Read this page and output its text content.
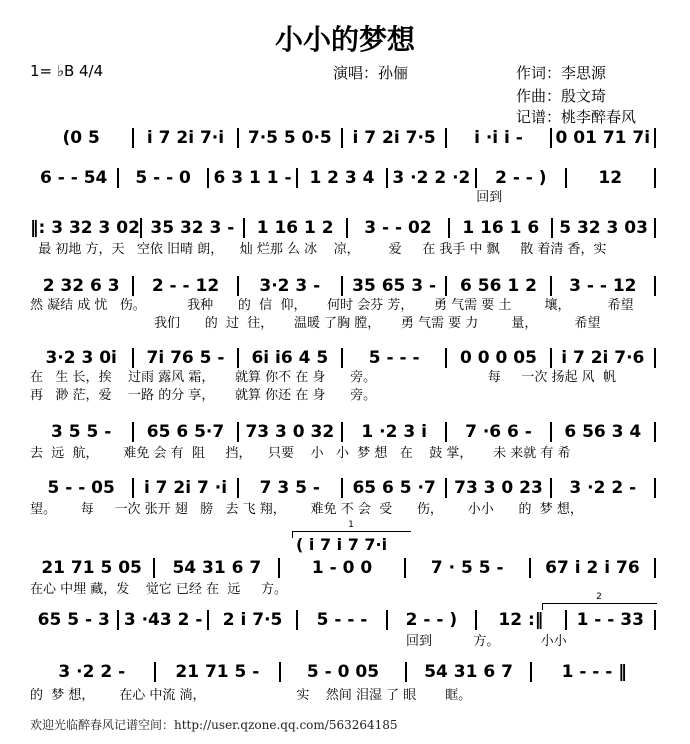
小小的梦想
1= ♭B 4/4	演唱：孙俪	作词：李思源
作曲：殷文琦
记谱：桃李醉春风
(0 5	i 7 2i 7·i	7·5 5 0·5	i 7 2i 7·5	i ·i i -	0 01 71 7i
6 - - 54	5 - - 0	6 3 1 1 -	1 2 3 4	3 ·2 2 ·2	2 - - )	12
回到
‖: 3 32 3 02 35 32 3 -	1 16 1 2	3 - - 02	1 16 1 6	5 32 3 03
最 初地 方，天   空依 旧晴 朗，    灿 烂那 么 冰    凉，       爱     在 我手 中 飘     散 着清 香，实
2 32 6 3	2 - - 12	3·2 3 -	35 65 3 -	6 56 1 2	3 - - 12
然 凝结 成 忧   伤。          我种      的  信  仰，     何时 会芬 芳，     勇 气需 要 土        壤，         希望
我们      的  过  往，     温暖 了胸 膛，     勇 气需 要 力        量，         希望
3·2 3 0i	7i 76 5 -	6i i6 4 5	5 - - -	0 0 0 05	i 7 2i 7·6
在   生 长，挨    过雨 露风 霜，     就算 你不 在 身      旁。                           每     一次 扬起 风  帆
再   渺 茫，爱    一路 的分 享，     就算 你还 在 身      旁。
3 5 5 -	65 6 5·7	73 3 0 32	1 ·2 3 i	7 ·6 6 -	6 56 3 4
去  远  航，      难免 会 有  阻     挡，    只要    小   小  梦 想   在    鼓 掌，     未 来就 有 希
5 - - 05	i 7 2i 7 ·i	7 3 5 -	65 6 5 ·7	73 3 0 23	3 ·2 2 -
望。      每     一次 张开 翅   膀   去 飞 翔，      难免 不 会  受      伤，      小小      的  梦 想，
21 71 5 05	54 31 6 7	1 - 0 0	7 · 5 5 -	67 i 2 i 76
在心 中埋 藏，发    觉它 已经 在  远     方。
1
( i 7 i 7 7·i
65 5 - 3 3 ·43 2 -	2 i 7·5	5 - - -	2 - - )	12 :‖	1 - - 33
回到          方。          小小
2
3 ·2 2 -	21 71 5 -	5 - 0 05	54 31 6 7	1 - - - ‖
的  梦 想，      在心 中流 淌，                      实    然间 泪湿 了 眼       眶。
欢迎光临醉春风记谱空间：http://user.qzone.qq.com/563264185
